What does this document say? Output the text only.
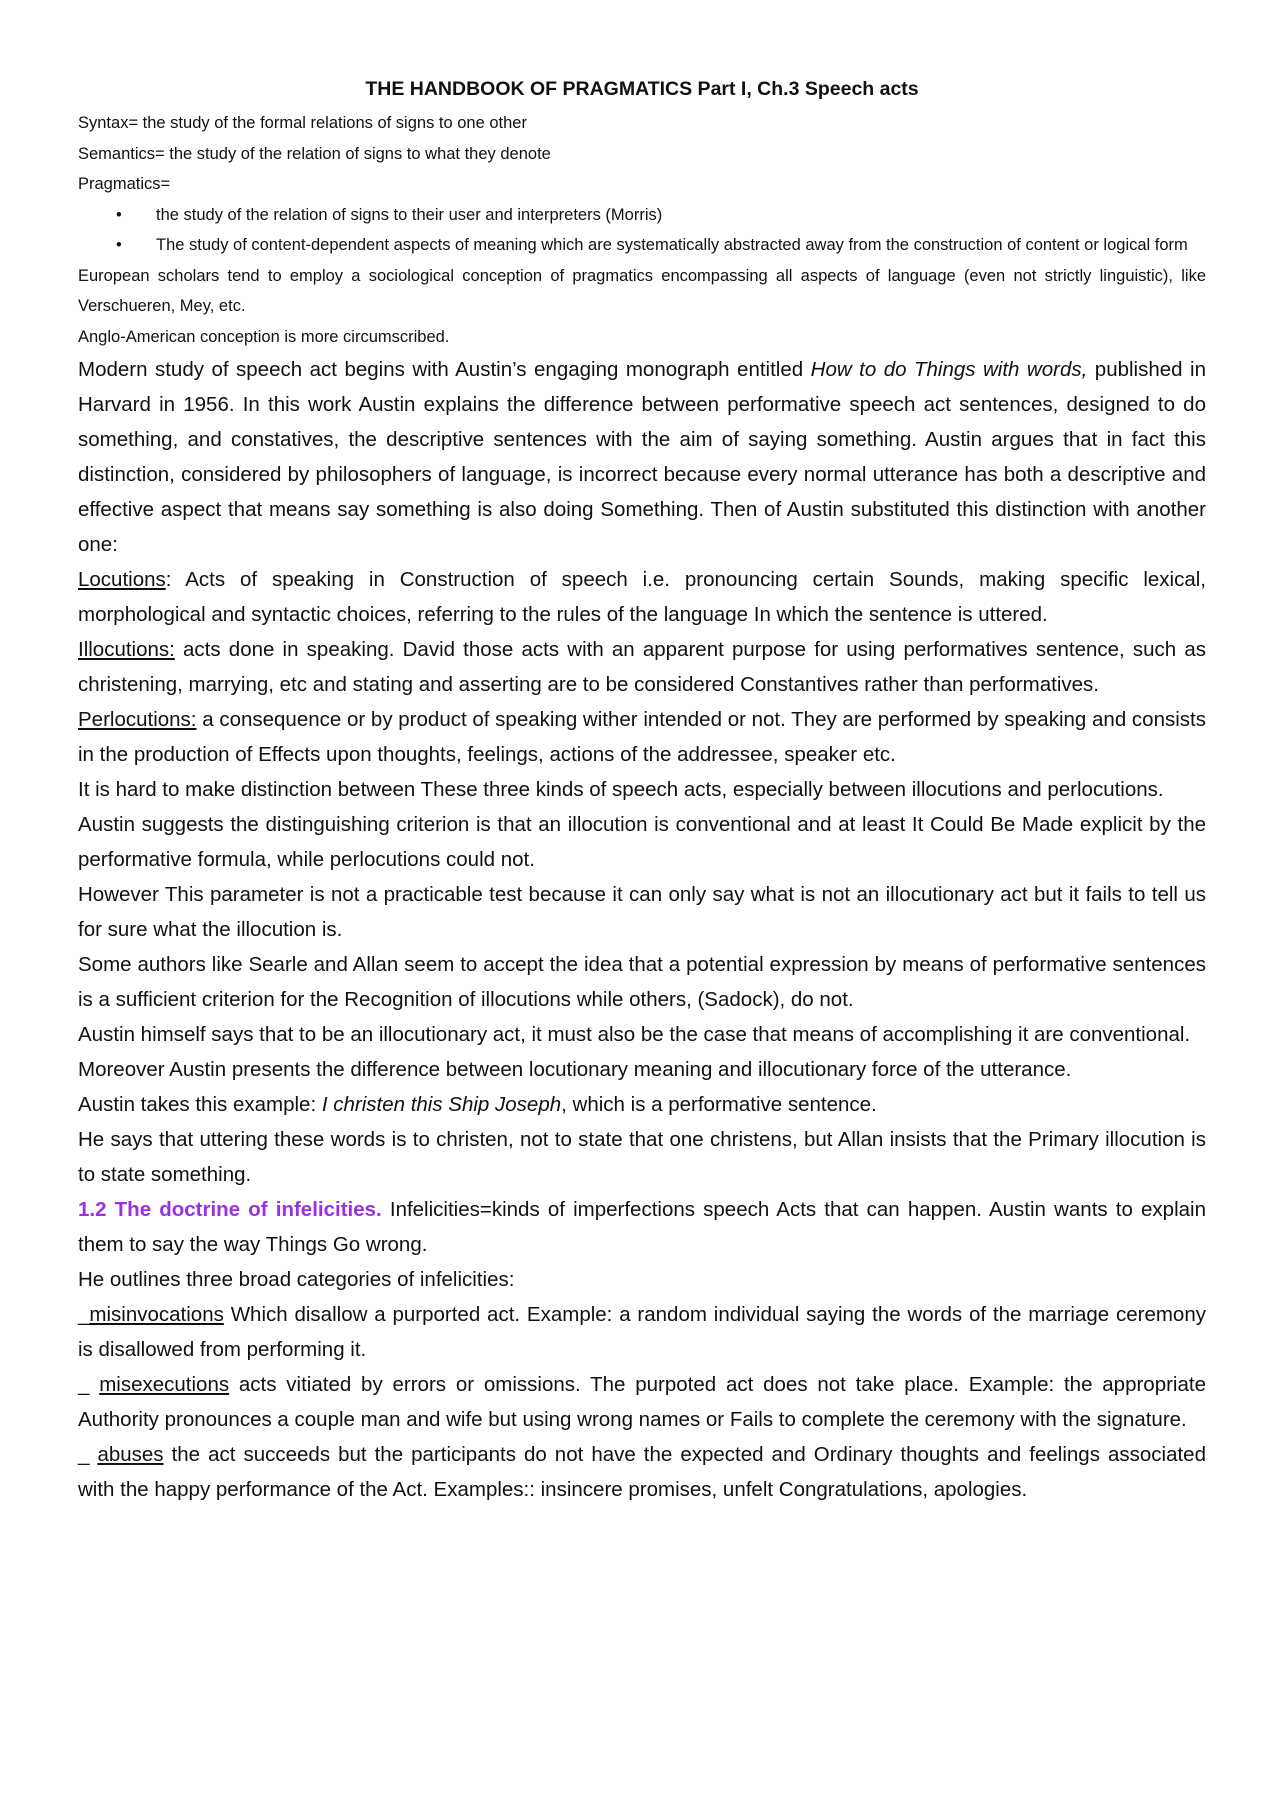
THE HANDBOOK OF PRAGMATICS Part I, Ch.3 Speech acts

Syntax= the study of the formal relations of signs to one other

Semantics= the study of the relation of signs to what they denote

Pragmatics=

• the study of the relation of signs to their user and interpreters (Morris)

• The study of content-dependent aspects of meaning which are systematically abstracted away from the construction of content or logical form

European scholars tend to employ a sociological conception of pragmatics encompassing all aspects of language (even not strictly linguistic), like Verschueren, Mey, etc.

Anglo-American conception is more circumscribed.

Modern study of speech act begins with Austin’s engaging monograph entitled How to do Things with words, published in Harvard in 1956. In this work Austin explains the difference between performative speech act sentences, designed to do something, and constatives, the descriptive sentences with the aim of saying something. Austin argues that in fact this distinction, considered by philosophers of language, is incorrect because every normal utterance has both a descriptive and effective aspect that means say something is also doing Something. Then of Austin substituted this distinction with another one:

Locutions: Acts of speaking in Construction of speech i.e. pronouncing certain Sounds, making specific lexical, morphological and syntactic choices, referring to the rules of the language In which the sentence is uttered.

Illocutions: acts done in speaking. David those acts with an apparent purpose for using performatives sentence, such as christening, marrying, etc and stating and asserting are to be considered Constantives rather than performatives.

Perlocutions: a consequence or by product of speaking wither intended or not. They are performed by speaking and consists in the production of Effects upon thoughts, feelings, actions of the addressee, speaker etc.

It is hard to make distinction between These three kinds of speech acts, especially between illocutions and perlocutions.

Austin suggests the distinguishing criterion is that an illocution is conventional and at least It Could Be Made explicit by the performative formula, while perlocutions could not.

However This parameter is not a practicable test because it can only say what is not an illocutionary act but it fails to tell us for sure what the illocution is.

Some authors like Searle and Allan seem to accept the idea that a potential expression by means of performative sentences is a sufficient criterion for the Recognition of illocutions while others, (Sadock), do not.

Austin himself says that to be an illocutionary act, it must also be the case that means of accomplishing it are conventional.

Moreover Austin presents the difference between locutionary meaning and illocutionary force of the utterance.

Austin takes this example: I christen this Ship Joseph, which is a performative sentence.

He says that uttering these words is to christen, not to state that one christens, but Allan insists that the Primary illocution is to state something.

1.2 The doctrine of infelicities. Infelicities=kinds of imperfections speech Acts that can happen. Austin wants to explain them to say the way Things Go wrong.

He outlines three broad categories of infelicities:

_misinvocations Which disallow a purported act. Example: a random individual saying the words of the marriage ceremony is disallowed from performing it.

_ misexecutions acts vitiated by errors or omissions. The purpoted act does not take place. Example: the appropriate Authority pronounces a couple man and wife but using wrong names or Fails to complete the ceremony with the signature.

_ abuses the act succeeds but the participants do not have the expected and Ordinary thoughts and feelings associated with the happy performance of the Act. Examples:: insincere promises, unfelt Congratulations, apologies.
